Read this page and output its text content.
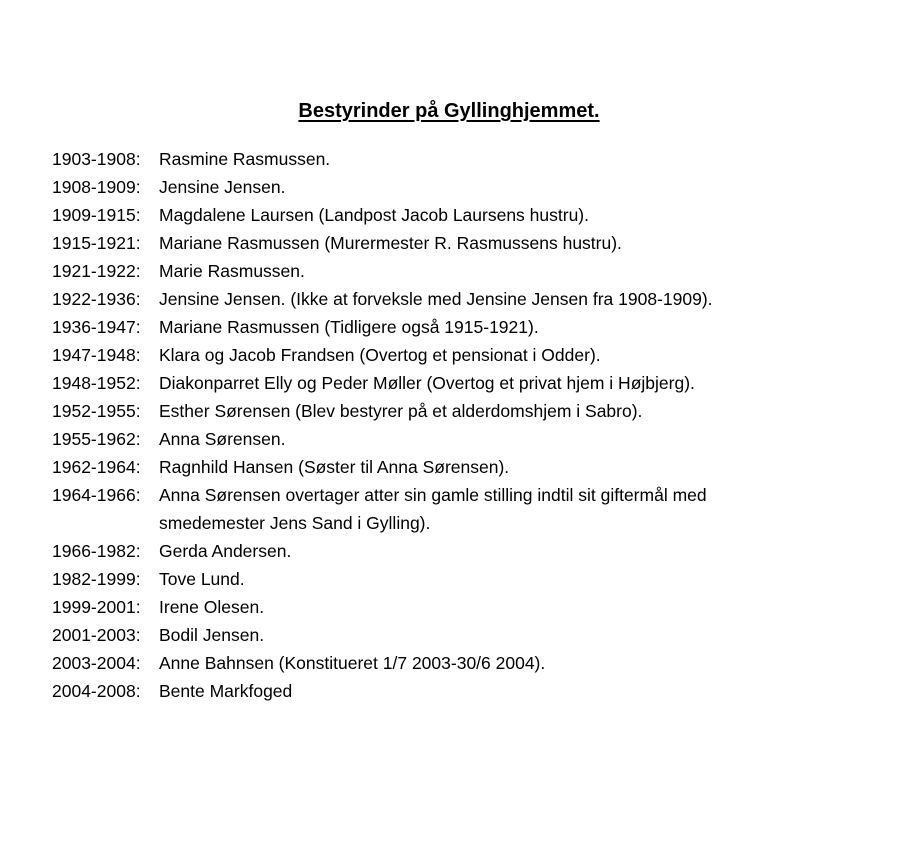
Bestyrinder på Gyllinghjemmet.
1903-1908:	Rasmine Rasmussen.
1908-1909:	Jensine Jensen.
1909-1915:	Magdalene Laursen (Landpost Jacob Laursens hustru).
1915-1921:	Mariane Rasmussen (Murermester R. Rasmussens hustru).
1921-1922:	Marie Rasmussen.
1922-1936:	Jensine Jensen. (Ikke at forveksle med Jensine Jensen fra 1908-1909).
1936-1947:	Mariane Rasmussen (Tidligere også 1915-1921).
1947-1948:	Klara og Jacob Frandsen (Overtog et pensionat i Odder).
1948-1952:	Diakonparret Elly og Peder Møller (Overtog et privat hjem i Højbjerg).
1952-1955:	Esther Sørensen (Blev bestyrer på et alderdomshjem i Sabro).
1955-1962:	Anna Sørensen.
1962-1964:	Ragnhild Hansen (Søster til Anna Sørensen).
1964-1966:	Anna Sørensen overtager atter sin gamle stilling indtil sit giftermål med smedemester Jens Sand i Gylling).
1966-1982:	Gerda Andersen.
1982-1999:	Tove Lund.
1999-2001:	Irene Olesen.
2001-2003:	Bodil Jensen.
2003-2004:	Anne Bahnsen (Konstitueret 1/7 2003-30/6 2004).
2004-2008:	Bente Markfoged
